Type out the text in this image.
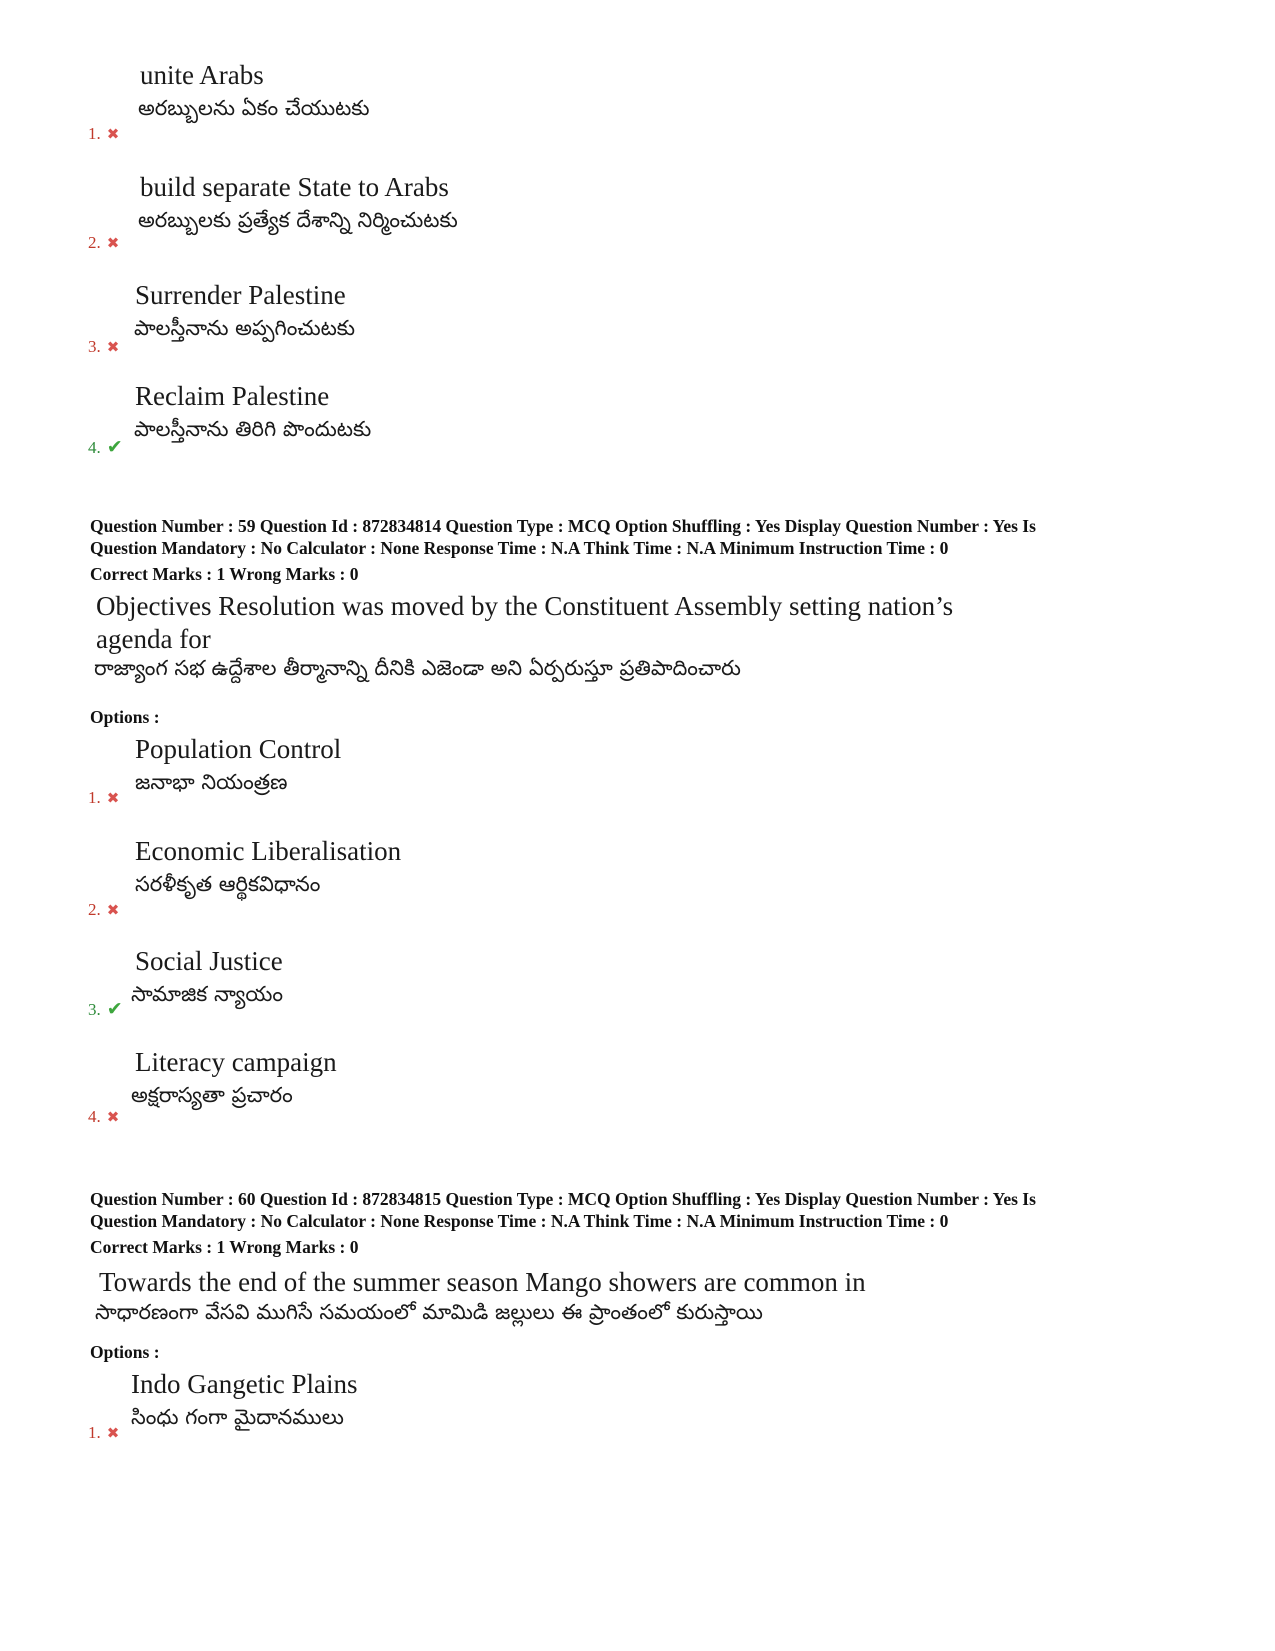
unite Arabs
అరబ్బులను ఏకం చేయుటకు
1. ✖
build separate State to Arabs
అరబ్బులకు ప్రత్యేక దేశాన్ని నిర్మించుటకు
2. ✖
Surrender Palestine
పాలస్తీనాను అప్పగించుటకు
3. ✖
Reclaim Palestine
పాలస్తీనాను తిరిగి పొందుటకు
4. ✔
Question Number : 59 Question Id : 872834814 Question Type : MCQ Option Shuffling : Yes Display Question Number : Yes Is
Question Mandatory : No Calculator : None Response Time : N.A Think Time : N.A Minimum Instruction Time : 0
Correct Marks : 1 Wrong Marks : 0
Objectives Resolution was moved by the Constituent Assembly setting nation’s
agenda for
రాజ్యాంగ సభ ఉద్దేశాల తీర్మానాన్ని దీనికి ఎజెండా అని ఏర్పరుస్తూ ప్రతిపాదించారు
Options :
Population Control
జనాభా నియంత్రణ
1. ✖
Economic Liberalisation
సరళీకృత ఆర్థికవిధానం
2. ✖
Social Justice
సామాజిక న్యాయం
3. ✔
Literacy campaign
అక్షరాస్యతా ప్రచారం
4. ✖
Question Number : 60 Question Id : 872834815 Question Type : MCQ Option Shuffling : Yes Display Question Number : Yes Is
Question Mandatory : No Calculator : None Response Time : N.A Think Time : N.A Minimum Instruction Time : 0
Correct Marks : 1 Wrong Marks : 0
Towards the end of the summer season Mango showers are common in
సాధారణంగా వేసవి ముగిసే సమయంలో మామిడి జల్లులు ఈ ప్రాంతంలో కురుస్తాయి
Options :
Indo Gangetic Plains
సింధు గంగా మైదానములు
1. ✖
